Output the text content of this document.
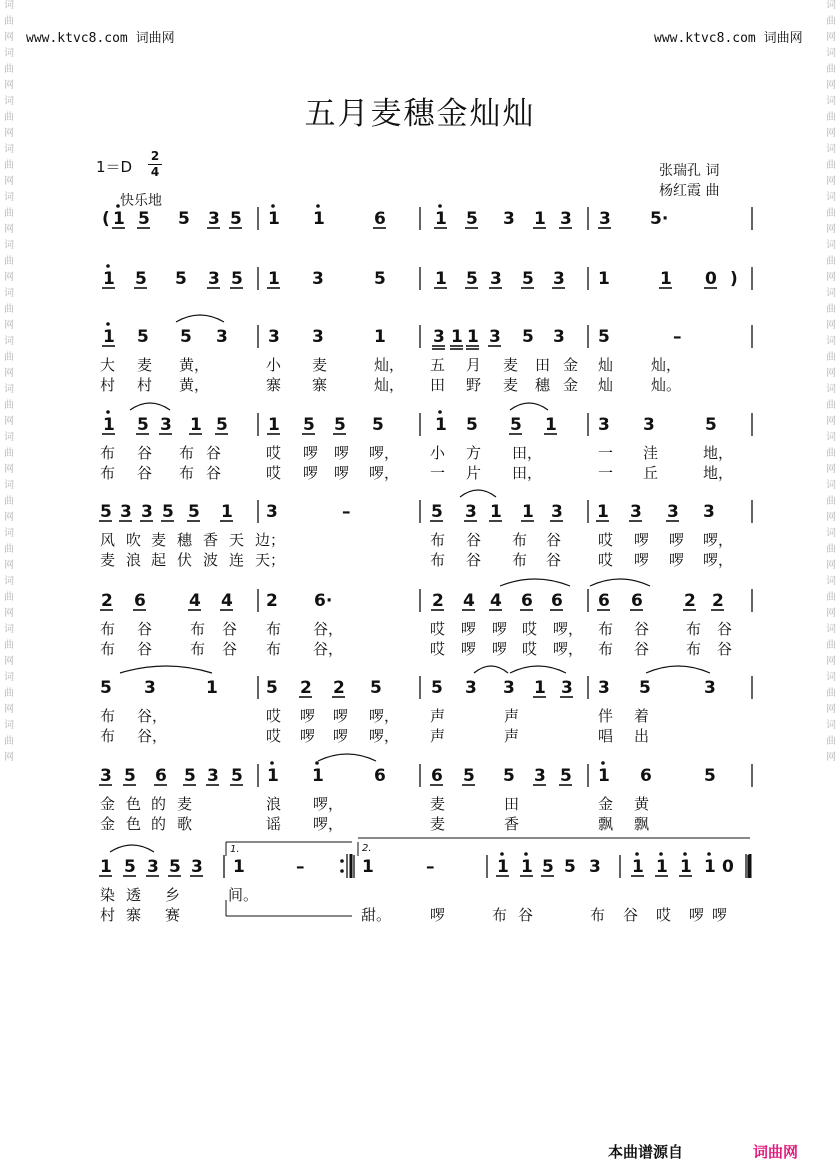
词
曲
网
词
曲
网
词
曲
网
词
曲
网
词
曲
网
词
曲
网
词
曲
网
词
曲
网
词
曲
网
词
曲
网
词
曲
网
词
曲
网
词
曲
网
词
曲
网
词
曲
网
词
曲
网
词
曲
网
词
曲
网
词
曲
网
词
曲
网
词
曲
网
词
曲
网
词
曲
网
词
曲
网
词
曲
网
词
曲
网
词
曲
网
词
曲
网
词
曲
网
词
曲
网
词
曲
网
词
曲
网
www.ktvc8.com 词曲网	www.ktvc8.com 词曲网
五月麦穗金灿灿
1＝D
2
4
快乐地
张瑞孔 词
杨红霞 曲
( 1 5 5 3 5 1 1	6	1 5 3 1 3 3 5·
1 5 5 3 5 1 3	5	1 5 3 5 3 1	1 0 )
1 5 5 3 3 3	1	3 1 1 3 5 3 5	–
大 麦 黄，	小 麦	灿， 五 月 麦 田 金 灿	灿，
村 村 黄，	寨 寨	灿， 田 野 麦 穗 金 灿	灿。
1 5 3 1 5 1 5 5 5	1 5 5 1 3 3	5
布 谷 布 谷	哎 啰 啰 啰， 小 方 田，	一 洼	地，
布 谷 布 谷	哎 啰 啰 啰， 一 片 田，	一 丘	地，
5 3 3 5 5 1 3	–	5 3 1 1 3 1 3 3 3
风 吹 麦 穗 香 天 边；	布 谷 布 谷 哎 啰 啰 啰，
麦 浪 起 伏 波 连 天；	布 谷 布 谷 哎 啰 啰 啰，
2 6	4 4 2 6·	2 4 4 6 6 6 6 2 2
布 谷	布 谷 布 谷，	哎 啰 啰 哎 啰， 布 谷 布 谷
布 谷	布 谷 布 谷，	哎 啰 啰 哎 啰， 布 谷 布 谷
5 3	1	5 2 2 5	5 3 3 1 3 3 5	3
布 谷，	哎 啰 啰 啰， 声	声	伴 着
布 谷，	哎 啰 啰 啰， 声	声	唱 出
3 5 6 5 3 5 1 1	6	6 5 5 3 5 1 6	5
金 色 的 麦	浪 啰，	麦	田	金 黄
金 色 的 歌	谣 啰，	麦	香	飘 飘
1 5 3 5 3 1	–	1	–	1 1 5 5 3 1 1 1 1 0
染 透 乡	间。
村 寨 赛	甜。	布 谷	布 谷 哎 啰 啰
啰
1.	2.
本曲谱源自	词曲网
